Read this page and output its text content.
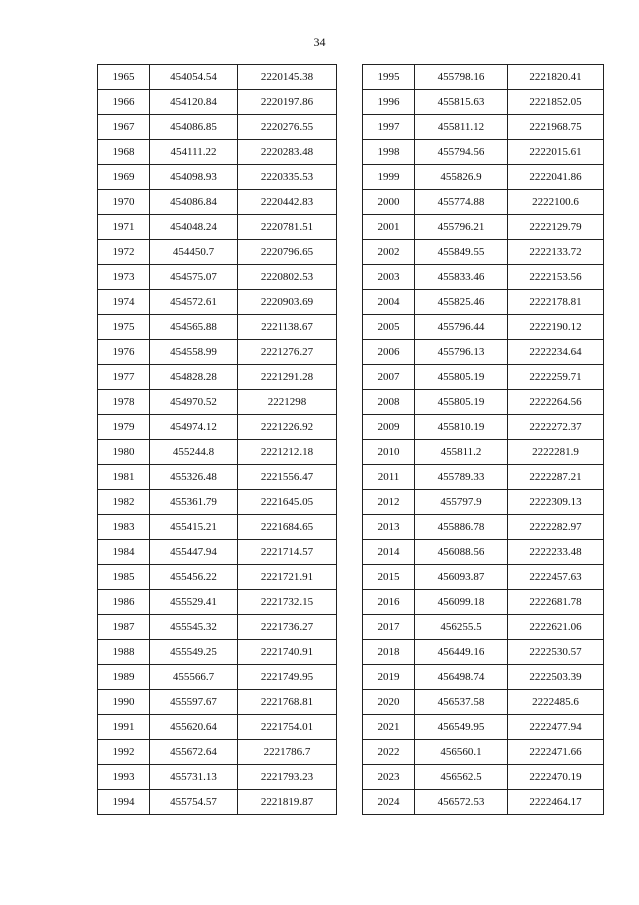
34
1965	454054.54	2220145.38
1966	454120.84	2220197.86
1967	454086.85	2220276.55
1968	454111.22	2220283.48
1969	454098.93	2220335.53
1970	454086.84	2220442.83
1971	454048.24	2220781.51
1972	454450.7	2220796.65
1973	454575.07	2220802.53
1974	454572.61	2220903.69
1975	454565.88	2221138.67
1976	454558.99	2221276.27
1977	454828.28	2221291.28
1978	454970.52	2221298
1979	454974.12	2221226.92
1980	455244.8	2221212.18
1981	455326.48	2221556.47
1982	455361.79	2221645.05
1983	455415.21	2221684.65
1984	455447.94	2221714.57
1985	455456.22	2221721.91
1986	455529.41	2221732.15
1987	455545.32	2221736.27
1988	455549.25	2221740.91
1989	455566.7	2221749.95
1990	455597.67	2221768.81
1991	455620.64	2221754.01
1992	455672.64	2221786.7
1993	455731.13	2221793.23
1994	455754.57	2221819.87
1995	455798.16	2221820.41
1996	455815.63	2221852.05
1997	455811.12	2221968.75
1998	455794.56	2222015.61
1999	455826.9	2222041.86
2000	455774.88	2222100.6
2001	455796.21	2222129.79
2002	455849.55	2222133.72
2003	455833.46	2222153.56
2004	455825.46	2222178.81
2005	455796.44	2222190.12
2006	455796.13	2222234.64
2007	455805.19	2222259.71
2008	455805.19	2222264.56
2009	455810.19	2222272.37
2010	455811.2	2222281.9
2011	455789.33	2222287.21
2012	455797.9	2222309.13
2013	455886.78	2222282.97
2014	456088.56	2222233.48
2015	456093.87	2222457.63
2016	456099.18	2222681.78
2017	456255.5	2222621.06
2018	456449.16	2222530.57
2019	456498.74	2222503.39
2020	456537.58	2222485.6
2021	456549.95	2222477.94
2022	456560.1	2222471.66
2023	456562.5	2222470.19
2024	456572.53	2222464.17
